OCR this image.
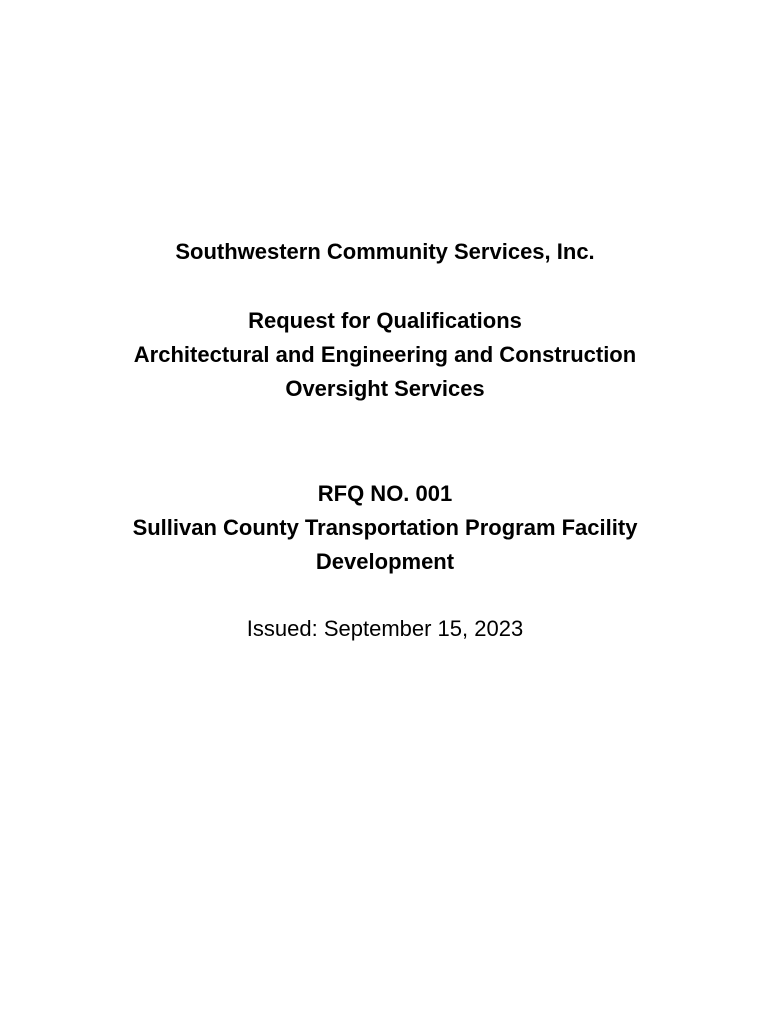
Southwestern Community Services, Inc.
Request for Qualifications
Architectural and Engineering and Construction
Oversight Services
RFQ NO. 001
Sullivan County Transportation Program Facility
Development
Issued: September 15, 2023
